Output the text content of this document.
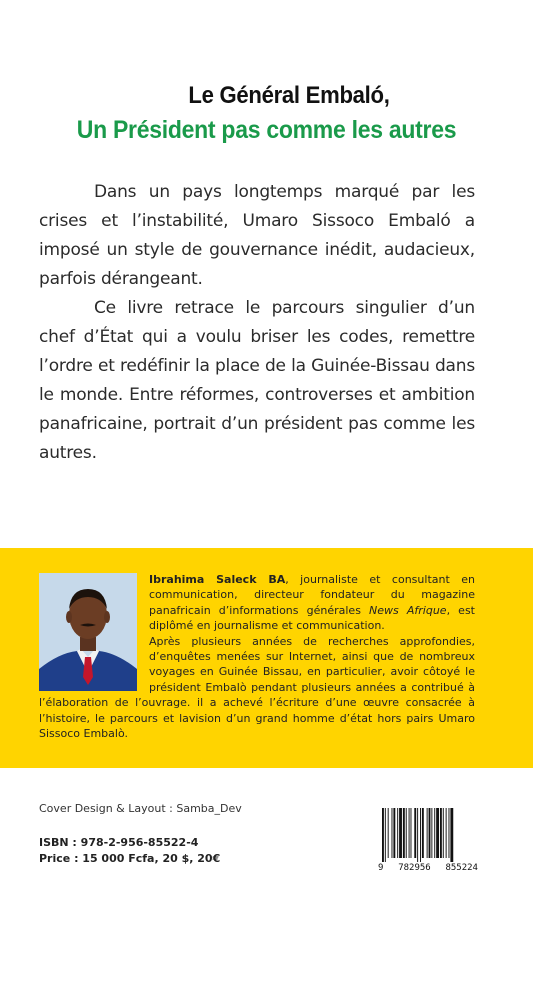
Le Général Embaló,
Un Président pas comme les autres

Dans un pays longtemps marqué par les crises et l’instabilité, Umaro Sissoco Embaló a imposé un style de gouvernance inédit, audacieux, parfois dérangeant.

Ce livre retrace le parcours singulier d’un chef d’État qui a voulu briser les codes, remettre l’ordre et redéfinir la place de la Guinée-Bissau dans le monde. Entre réformes, controverses et ambition panafricaine, portrait d’un président pas comme les autres.

Ibrahima Saleck BA, journaliste et consultant en communication, directeur fondateur du magazine panafricain d’informations générales News Afrique, est diplômé en journalisme et communication.
Après plusieurs années de recherches approfondies, d’enquêtes menées sur Internet, ainsi que de nombreux voyages en Guinée Bissau, en particulier, avoir côtoyé le président Embalò pendant plusieurs années a contribué à l’élaboration de l’ouvrage. il a achevé l’écriture d’une œuvre consacrée à l’histoire, le parcours et lavision d’un grand homme d’état hors pairs Umaro Sissoco Embalò.
Cover Design & Layout : Samba_Dev
ISBN : 978-2-956-85522-4
Price : 15 000 Fcfa, 20 $, 20€
9 782956 855224
